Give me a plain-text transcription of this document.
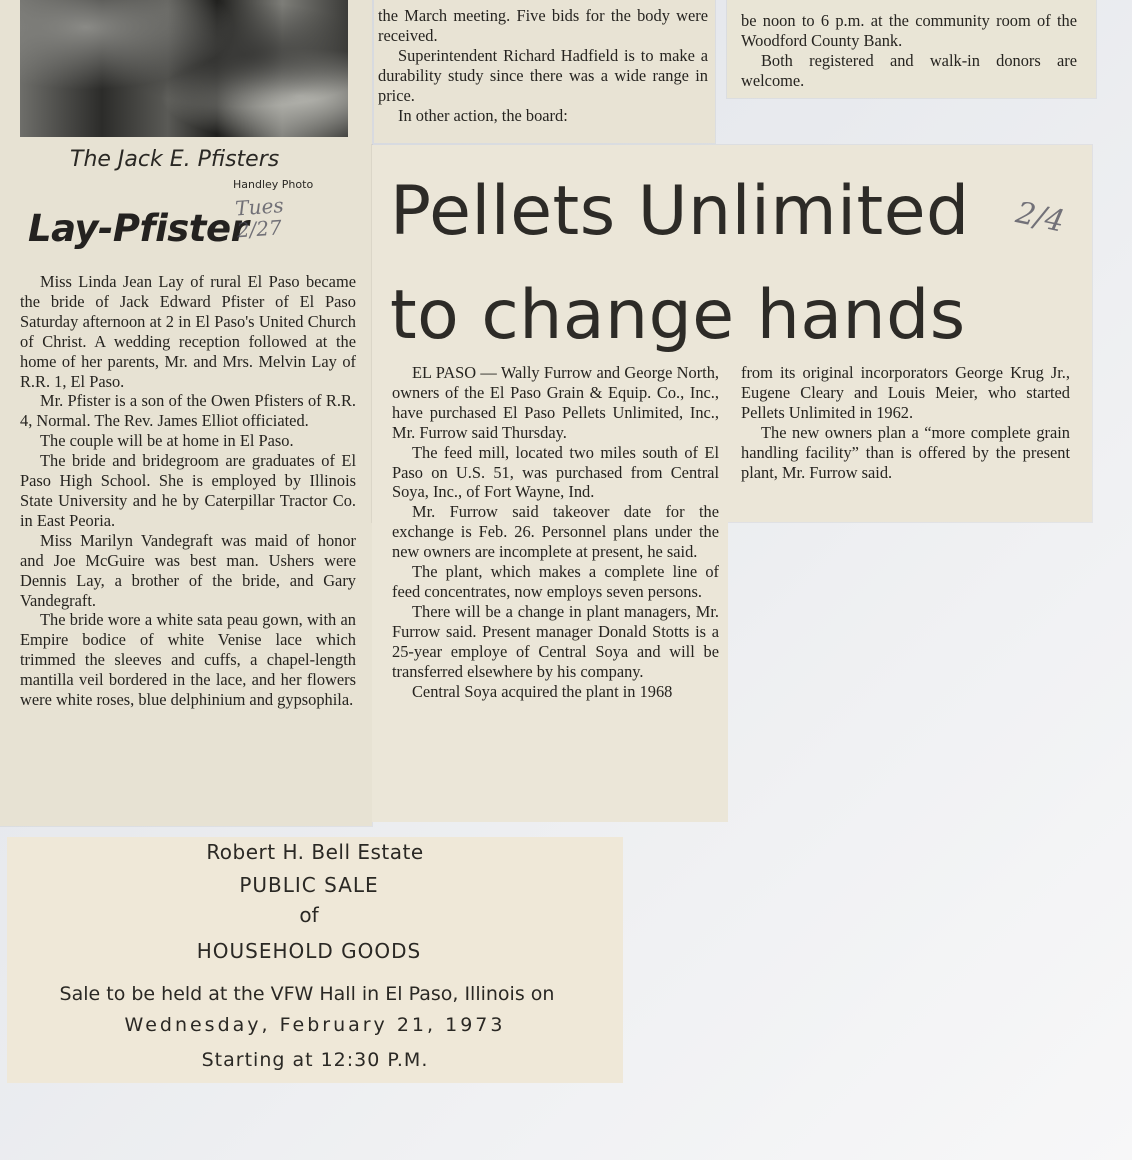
The Jack E. Pfisters
Handley Photo
Lay-Pfister
Tues 2/27

Miss Linda Jean Lay of rural El Paso became the bride of Jack Edward Pfister of El Paso Saturday afternoon at 2 in El Paso's United Church of Christ. A wedding reception followed at the home of her parents, Mr. and Mrs. Melvin Lay of R.R. 1, El Paso.

Mr. Pfister is a son of the Owen Pfisters of R.R. 4, Normal. The Rev. James Elliot officiated.

The couple will be at home in El Paso.

The bride and bridegroom are graduates of El Paso High School. She is employed by Illinois State University and he by Caterpillar Tractor Co. in East Peoria.

Miss Marilyn Vandegraft was maid of honor and Joe McGuire was best man. Ushers were Dennis Lay, a brother of the bride, and Gary Vandegraft.

The bride wore a white sata peau gown, with an Empire bodice of white Venise lace which trimmed the sleeves and cuffs, a chapel-length mantilla veil bordered in the lace, and her flowers were white roses, blue delphinium and gypsophila.

the March meeting. Five bids for the body were received.

Superintendent Richard Hadfield is to make a durability study since there was a wide range in price.

In other action, the board:

be noon to 6 p.m. at the community room of the Woodford County Bank.

Both registered and walk-in donors are welcome.

Pellets Unlimited
to change hands
2/4

EL PASO — Wally Furrow and George North, owners of the El Paso Grain & Equip. Co., Inc., have purchased El Paso Pellets Unlimited, Inc., Mr. Furrow said Thursday.

The feed mill, located two miles south of El Paso on U.S. 51, was purchased from Central Soya, Inc., of Fort Wayne, Ind.

Mr. Furrow said takeover date for the exchange is Feb. 26. Personnel plans under the new owners are incomplete at present, he said.

The plant, which makes a complete line of feed concentrates, now employs seven persons.

There will be a change in plant managers, Mr. Furrow said. Present manager Donald Stotts is a 25-year employe of Central Soya and will be transferred elsewhere by his company.

Central Soya acquired the plant in 1968

from its original incorporators George Krug Jr., Eugene Cleary and Louis Meier, who started Pellets Unlimited in 1962.

The new owners plan a “more complete grain handling facility” than is offered by the present plant, Mr. Furrow said.

Robert H. Bell Estate
PUBLIC SALE
of
HOUSEHOLD GOODS
Sale to be held at the VFW Hall in El Paso, Illinois on
Wednesday, February 21, 1973
Starting at 12:30 P.M.
